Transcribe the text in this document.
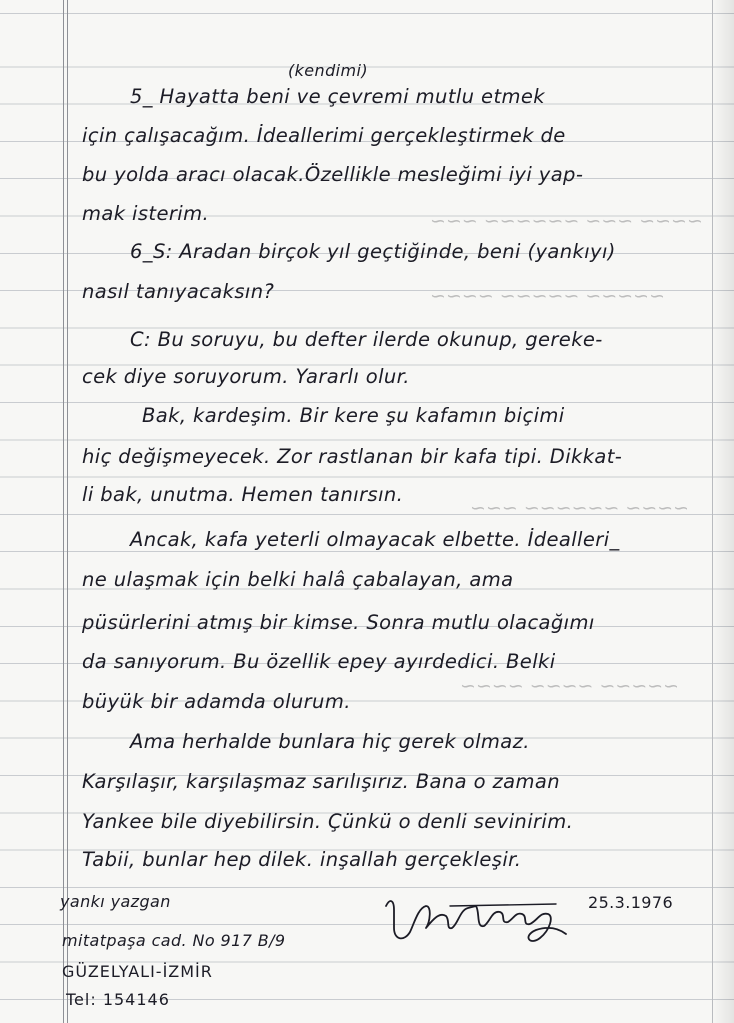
~~~~ ~~~ ~~~~~~ ~~~
~~~~~ ~~~~~ ~~~~
~~~~ ~~~~~~ ~~~
~~~~~ ~~~~ ~~~~
(kendimi)
5_ Hayatta beni ve çevremi mutlu etmek
için çalışacağım. İdeallerimi gerçekleştirmek de
bu yolda aracı olacak.Özellikle mesleğimi iyi yap-
mak isterim.
6_S: Aradan birçok yıl geçtiğinde, beni (yankıyı)
nasıl tanıyacaksın?
C: Bu soruyu, bu defter ilerde okunup, gereke-
cek diye soruyorum. Yararlı olur.
Bak, kardeşim. Bir kere şu kafamın biçimi
hiç değişmeyecek. Zor rastlanan bir kafa tipi. Dikkat-
li bak, unutma. Hemen tanırsın.
Ancak, kafa yeterli olmayacak elbette. İdealleri_
ne ulaşmak için belki halâ çabalayan, ama
püsürlerini atmış bir kimse. Sonra mutlu olacağımı
da sanıyorum. Bu özellik epey ayırdedici. Belki
büyük bir adamda olurum.
Ama herhalde bunlara hiç gerek olmaz.
Karşılaşır, karşılaşmaz sarılışırız. Bana o zaman
Yankee bile diyebilirsin. Çünkü o denli sevinirim.
Tabii, bunlar hep dilek. inşallah gerçekleşir.
yankı yazgan	25.3.1976
mitatpaşa cad. No 917 B/9
GÜZELYALI-İZMİR
Tel: 154146
